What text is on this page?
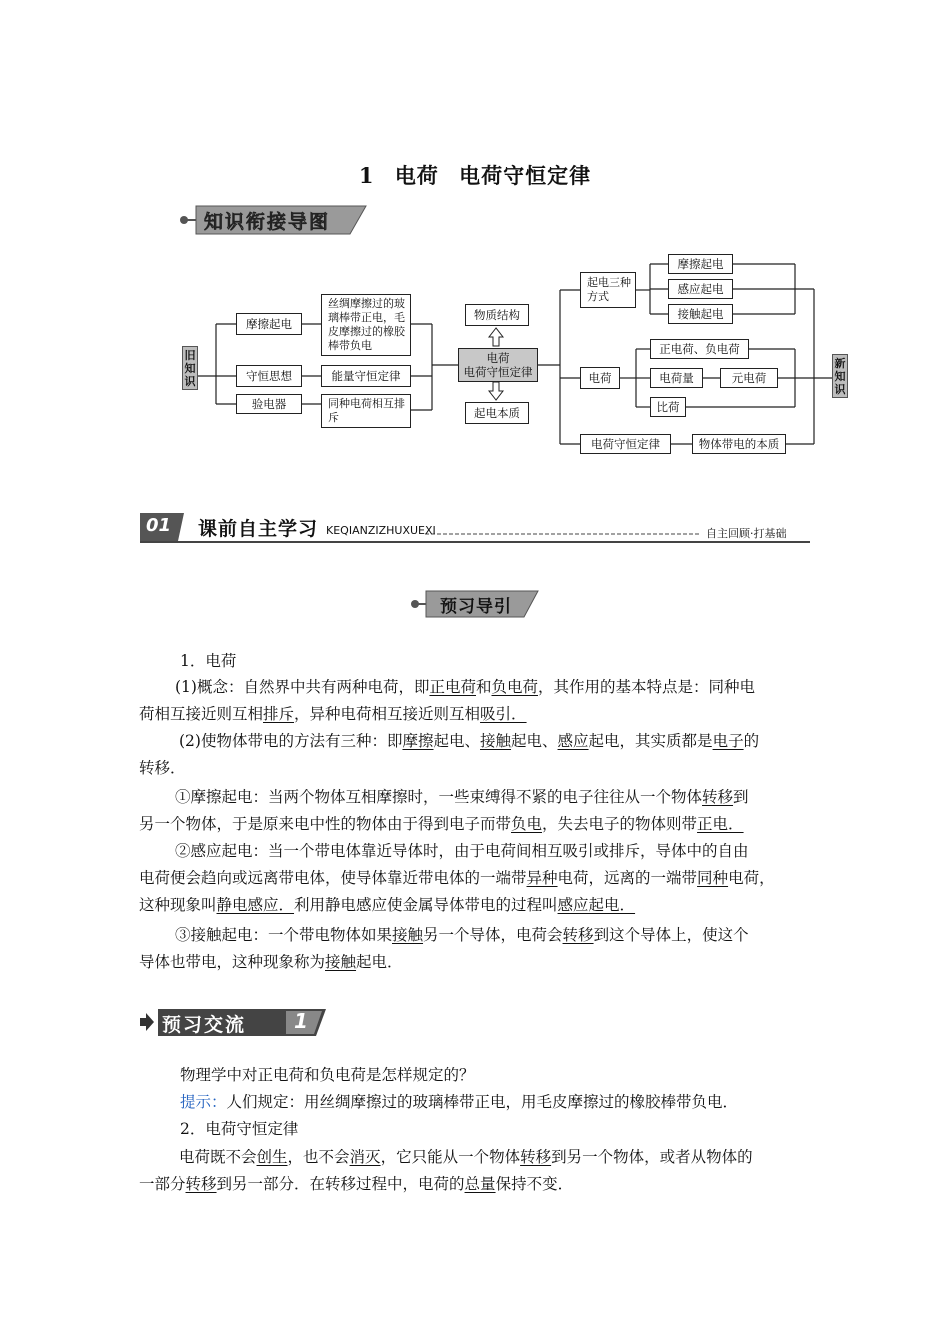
1 电荷 电荷守恒定律
知识衔接导图
旧知识
新知识
摩擦起电
丝绸摩擦过的玻璃棒带正电，毛皮摩擦过的橡胶棒带负电
守恒思想	能量守恒定律
验电器	同种电荷相互排斥
物质结构
电荷
电荷守恒定律
起电本质
起电三种方式
摩擦起电
感应起电
接触起电
电荷
正电荷、负电荷
电荷量	元电荷
比荷
电荷守恒定律	物体带电的本质
01 课前自主学习 KEQIANZIZHUXUEXI	自主回顾·打基础
预习导引
1．电荷
(1)概念：自然界中共有两种电荷，即正电荷和负电荷，其作用的基本特点是：同种电
荷相互接近则互相排斥，异种电荷相互接近则互相吸引．
(2)使物体带电的方法有三种：即摩擦起电、接触起电、感应起电，其实质都是电子的
转移．
①摩擦起电：当两个物体互相摩擦时，一些束缚得不紧的电子往往从一个物体转移到
另一个物体，于是原来电中性的物体由于得到电子而带负电，失去电子的物体则带正电．
②感应起电：当一个带电体靠近导体时，由于电荷间相互吸引或排斥，导体中的自由
电荷便会趋向或远离带电体，使导体靠近带电体的一端带异种电荷，远离的一端带同种电荷，
这种现象叫静电感应．利用静电感应使金属导体带电的过程叫感应起电．
③接触起电：一个带电物体如果接触另一个导体，电荷会转移到这个导体上，使这个
导体也带电，这种现象称为接触起电．
预习交流 1
物理学中对正电荷和负电荷是怎样规定的？
提示：人们规定：用丝绸摩擦过的玻璃棒带正电，用毛皮摩擦过的橡胶棒带负电．
2．电荷守恒定律
电荷既不会创生，也不会消灭，它只能从一个物体转移到另一个物体，或者从物体的
一部分转移到另一部分．在转移过程中，电荷的总量保持不变．
